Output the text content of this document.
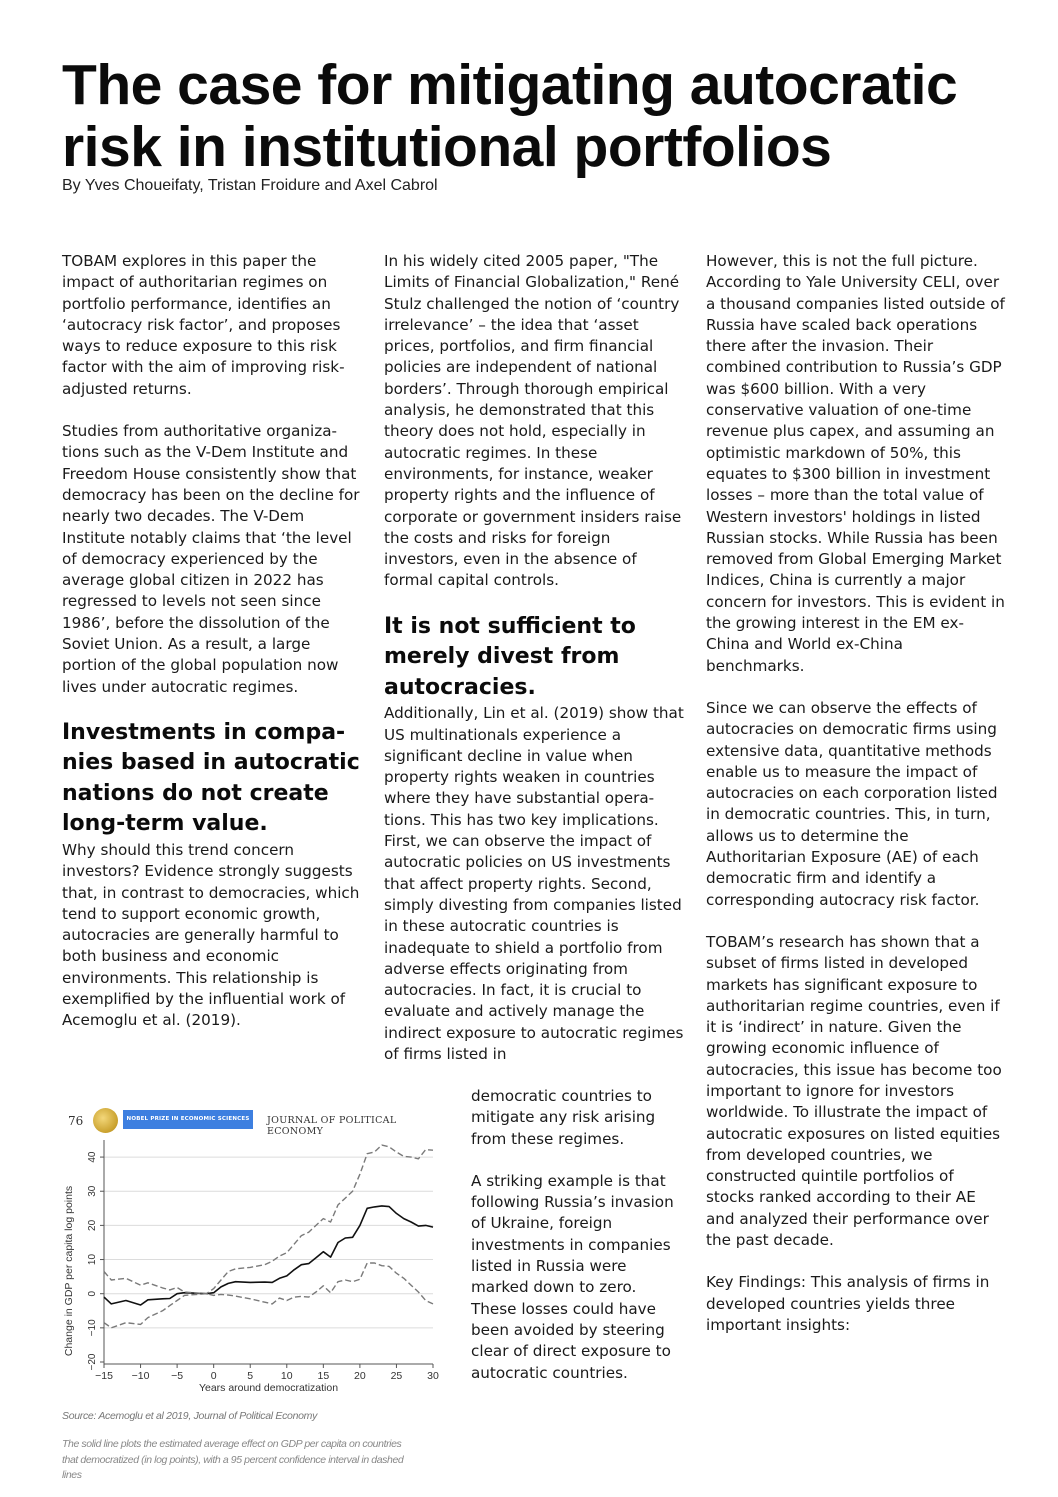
The case for mitigating autocratic risk in institutional portfolios
By Yves Choueifaty, Tristan Froidure and Axel Cabrol

TOBAM explores in this paper the impact of authoritarian regimes on portfolio performance, identifies an ‘autocracy risk factor’, and proposes ways to reduce exposure to this risk factor with the aim of improving risk-adjusted returns.

Studies from authoritative organizations such as the V-Dem Institute and Freedom House consistently show that democracy has been on the decline for nearly two decades. The V-Dem Institute notably claims that ‘the level of democracy experienced by the average global citizen in 2022 has regressed to levels not seen since 1986’, before the dissolution of the Soviet Union. As a result, a large portion of the global population now lives under autocratic regimes.

Investments in companies based in autocratic nations do not create long-term value.

Why should this trend concern investors? Evidence strongly suggests that, in contrast to democracies, which tend to support economic growth, autocracies are generally harmful to both business and economic environments. This relationship is exemplified by the influential work of Acemoglu et al. (2019).

In his widely cited 2005 paper, "The Limits of Financial Globalization," René Stulz challenged the notion of ‘country irrelevance’ – the idea that ‘asset prices, portfolios, and firm financial policies are independent of national borders’. Through thorough empirical analysis, he demonstrated that this theory does not hold, especially in autocratic regimes. In these environments, for instance, weaker property rights and the influence of corporate or government insiders raise the costs and risks for foreign investors, even in the absence of formal capital controls.

It is not sufficient to merely divest from autocracies.

Additionally, Lin et al. (2019) show that US multinationals experience a significant decline in value when property rights weaken in countries where they have substantial operations. This has two key implications. First, we can observe the impact of autocratic policies on US investments that affect property rights. Second, simply divesting from companies listed in these autocratic countries is inadequate to shield a portfolio from adverse effects originating from autocracies. In fact, it is crucial to evaluate and actively manage the indirect exposure to autocratic regimes of firms listed in

democratic countries to mitigate any risk arising from these regimes.

A striking example is that following Russia’s invasion of Ukraine, foreign investments in companies listed in Russia were marked down to zero. These losses could have been avoided by steering clear of direct exposure to autocratic countries.

However, this is not the full picture. According to Yale University CELI, over a thousand companies listed outside of Russia have scaled back operations there after the invasion. Their combined contribution to Russia’s GDP was $600 billion. With a very conservative valuation of one-time revenue plus capex, and assuming an optimistic markdown of 50%, this equates to $300 billion in investment losses – more than the total value of Western investors' holdings in listed Russian stocks. While Russia has been removed from Global Emerging Market Indices, China is currently a major concern for investors. This is evident in the growing interest in the EM ex-China and World ex-China benchmarks.

Since we can observe the effects of autocracies on democratic firms using extensive data, quantitative methods enable us to measure the impact of autocracies on each corporation listed in democratic countries. This, in turn, allows us to determine the Authoritarian Exposure (AE) of each democratic firm and identify a corresponding autocracy risk factor.

TOBAM’s research has shown that a subset of firms listed in developed markets has significant exposure to authoritarian regime countries, even if it is ‘indirect’ in nature. Given the growing economic influence of autocracies, this issue has become too important to ignore for investors worldwide. To illustrate the impact of autocratic exposures on listed equities from developed countries, we constructed quintile portfolios of stocks ranked according to their AE and analyzed their performance over the past decade.

Key Findings: This analysis of firms in developed countries yields three important insights:

76	NOBEL PRIZE IN ECONOMIC SCIENCES	JOURNAL OF POLITICAL ECONOMY
−20
−10
0
10
20
30
40
−15 −10 −5	0	5	10 15 20 25 30
Years around democratization
Change in GDP per capita log points
Source: Acemoglu et al 2019, Journal of Political Economy
The solid line plots the estimated average effect on GDP per capita on countries that democratized (in log points), with a 95 percent confidence interval in dashed lines
